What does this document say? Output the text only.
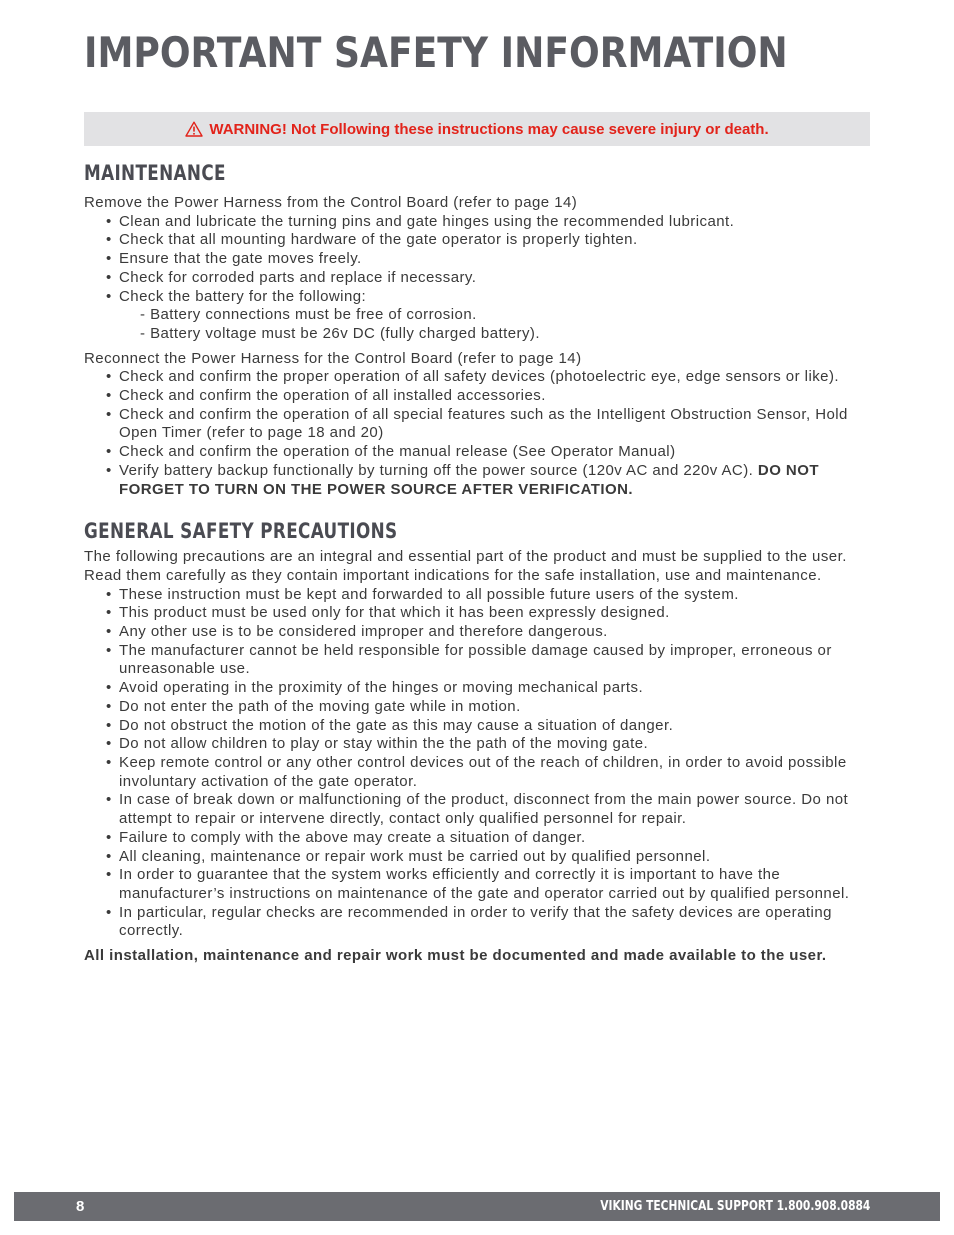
IMPORTANT SAFETY INFORMATION
WARNING! Not Following these instructions may cause severe injury or death.
MAINTENANCE

Remove the Power Harness from the Control Board (refer to page 14)

• Clean and lubricate the turning pins and gate hinges using the recommended lubricant.
• Check that all mounting hardware of the gate operator is properly tighten.
• Ensure that the gate moves freely.
• Check for corroded parts and replace if necessary.
• Check the battery for the following:
- Battery connections must be free of corrosion.
- Battery voltage must be 26v DC (fully charged battery).

Reconnect the Power Harness for the Control Board (refer to page 14)

• Check and confirm the proper operation of all safety devices (photoelectric eye, edge sensors or like).
• Check and confirm the operation of all installed accessories.
• Check and confirm the operation of all special features such as the Intelligent Obstruction Sensor, Hold Open Timer (refer to page 18 and 20)
• Check and confirm the operation of the manual release (See Operator Manual)
• Verify battery backup functionally by turning off the power source (120v AC and 220v AC). DO NOT FORGET TO TURN ON THE POWER SOURCE AFTER VERIFICATION.
GENERAL SAFETY PRECAUTIONS

The following precautions are an integral and essential part of the product and must be supplied to the user. Read them carefully as they contain important indications for the safe installation, use and maintenance.

• These instruction must be kept and forwarded to all possible future users of the system.
• This product must be used only for that which it has been expressly designed.
• Any other use is to be considered improper and therefore dangerous.
• The manufacturer cannot be held responsible for possible damage caused by improper, erroneous or unreasonable use.
• Avoid operating in the proximity of the hinges or moving mechanical parts.
• Do not enter the path of the moving gate while in motion.
• Do not obstruct the motion of the gate as this may cause a situation of danger.
• Do not allow children to play or stay within the the path of the moving gate.
• Keep remote control or any other control devices out of the reach of children, in order to avoid possible involuntary activation of the gate operator.
• In case of break down or malfunctioning of the product, disconnect from the main power source. Do not attempt to repair or intervene directly, contact only qualified personnel for repair.
• Failure to comply with the above may create a situation of danger.
• All cleaning, maintenance or repair work must be carried out by qualified personnel.
• In order to guarantee that the system works efficiently and correctly it is important to have the manufacturer’s instructions on maintenance of the gate and operator carried out by qualified personnel.
• In particular, regular checks are recommended in order to verify that the safety devices are operating correctly.

All installation, maintenance and repair work must be documented and made available to the user.

8	VIKING TECHNICAL SUPPORT 1.800.908.0884
